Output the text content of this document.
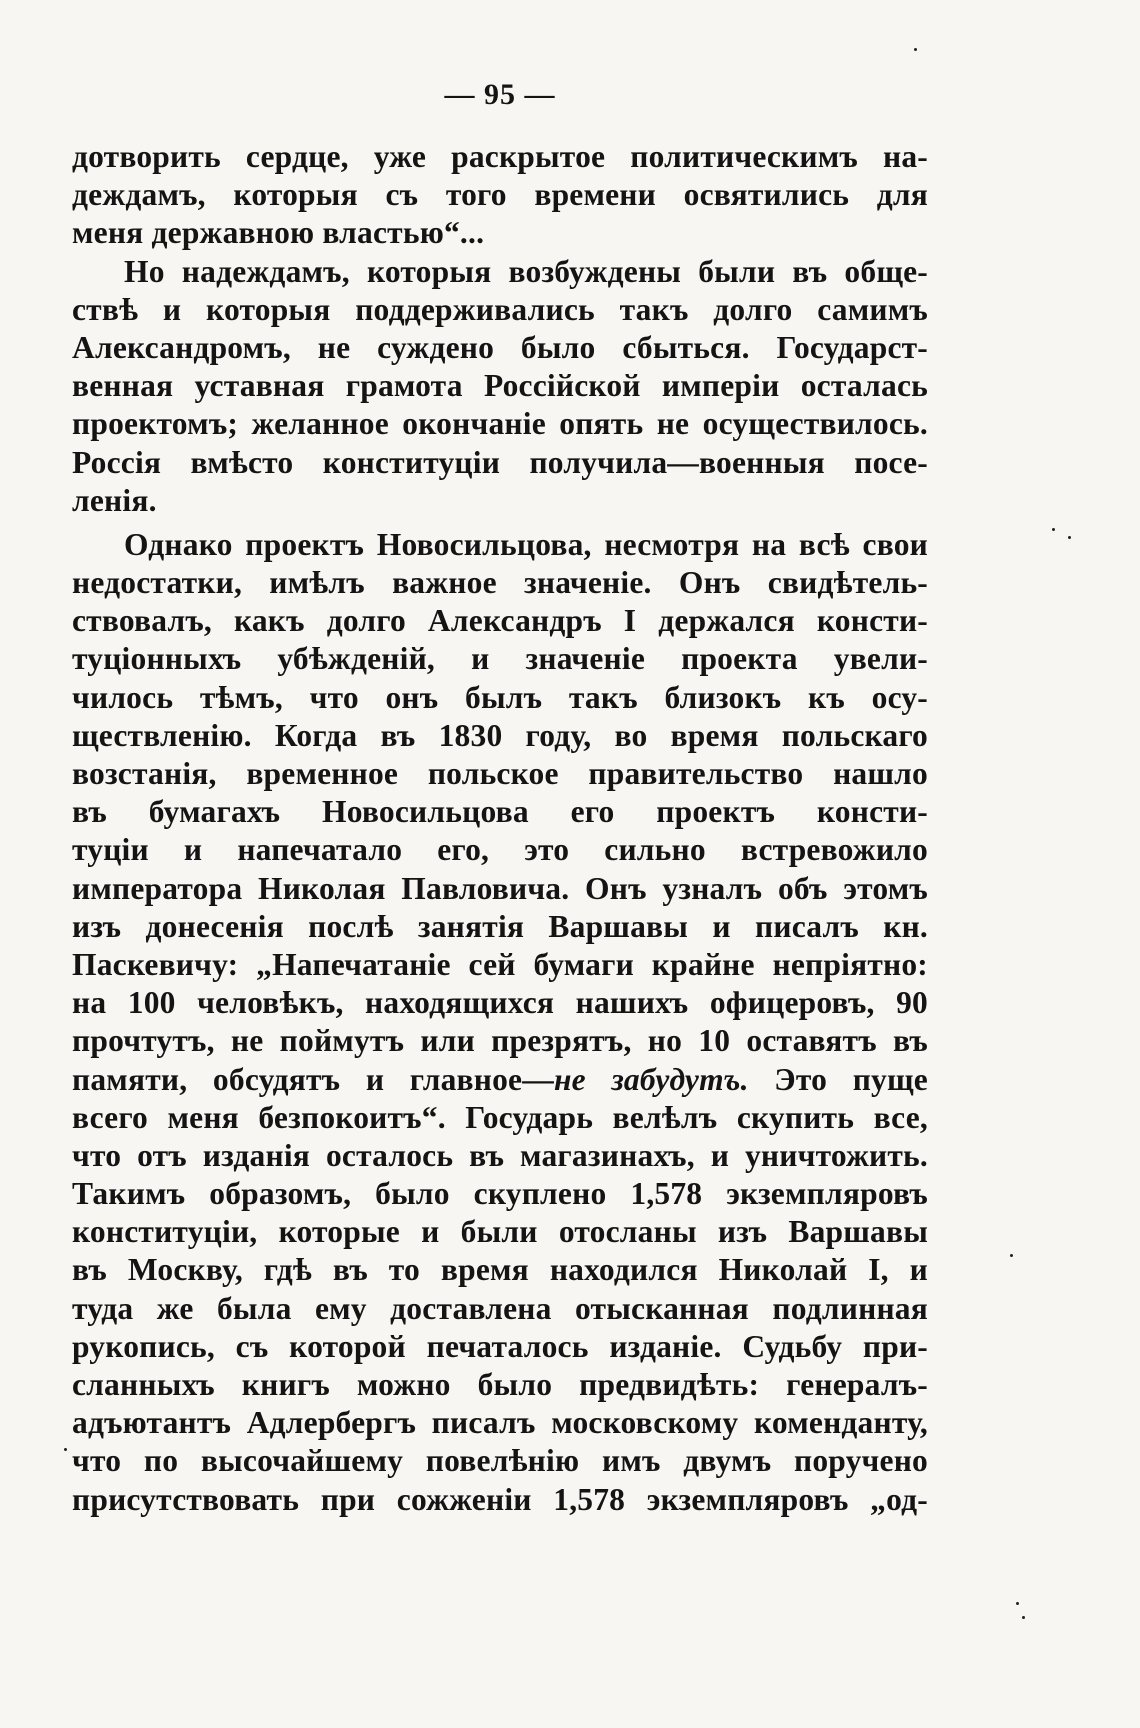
— 95 —
дотворить сердце, уже раскрытое политическимъ на-
деждамъ, которыя съ того времени освятились для
меня державною властью“...
Но надеждамъ, которыя возбуждены были въ обще-
ствѣ и которыя поддерживались такъ долго самимъ
Александромъ, не суждено было сбыться. Государст-
венная уставная грамота Россійской имперіи осталась
проектомъ; желанное окончаніе опять не осуществилось.
Россія вмѣсто конституціи получила—военныя посе-
ленія.
Однако проектъ Новосильцова, несмотря на всѣ свои
недостатки, имѣлъ важное значеніе. Онъ свидѣтель-
ствовалъ, какъ долго Александръ I держался консти-
туціонныхъ убѣжденій, и значеніе проекта увели-
чилось тѣмъ, что онъ былъ такъ близокъ къ осу-
ществленію. Когда въ 1830 году, во время польскаго
возстанія, временное польское правительство нашло
въ бумагахъ Новосильцова его проектъ консти-
туціи и напечатало его, это сильно встревожило
императора Николая Павловича. Онъ узналъ объ этомъ
изъ донесенія послѣ занятія Варшавы и писалъ кн.
Паскевичу: „Напечатаніе сей бумаги крайне непріятно:
на 100 человѣкъ, находящихся нашихъ офицеровъ, 90
прочтутъ, не поймутъ или презрятъ, но 10 оставятъ въ
памяти, обсудятъ и главное—не забудутъ. Это пуще
всего меня безпокоитъ“. Государь велѣлъ скупить все,
что отъ изданія осталось въ магазинахъ, и уничтожить.
Такимъ образомъ, было скуплено 1,578 экземпляровъ
конституціи, которые и были отосланы изъ Варшавы
въ Москву, гдѣ въ то время находился Николай I, и
туда же была ему доставлена отысканная подлинная
рукопись, съ которой печаталось изданіе. Судьбу при-
сланныхъ книгъ можно было предвидѣть: генералъ-
адъютантъ Адлербергъ писалъ московскому коменданту,
что по высочайшему повелѣнію имъ двумъ поручено
присутствовать при сожженіи 1,578 экземпляровъ „од-
